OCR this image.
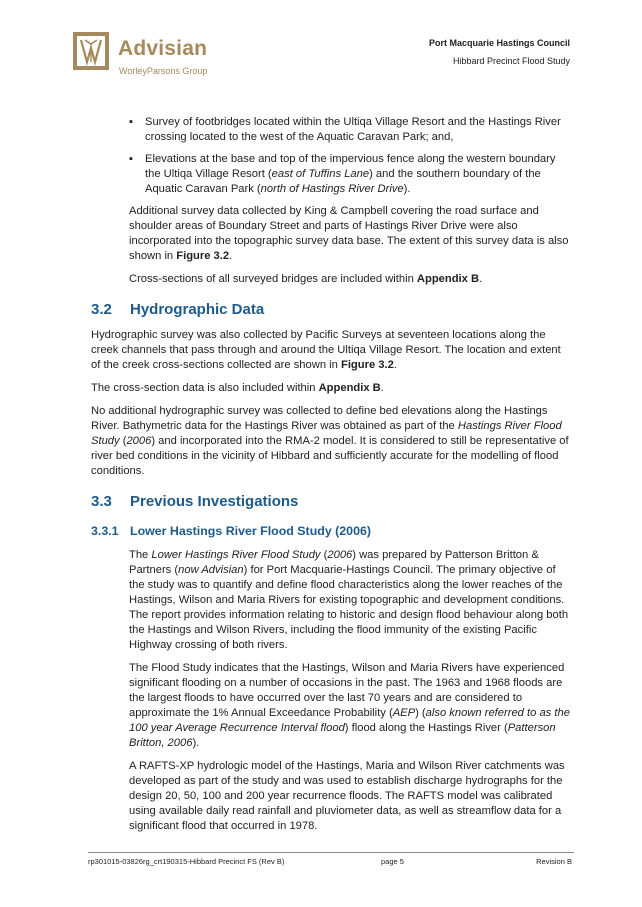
Advisian
WorleyParsons Group
Port Macquarie Hastings Council
Hibbard Precinct Flood Study
▪ Survey of footbridges located within the Ultiqa Village Resort and the Hastings River crossing located to the west of the Aquatic Caravan Park; and,
▪ Elevations at the base and top of the impervious fence along the western boundary the Ultiqa Village Resort (east of Tuffins Lane) and the southern boundary of the Aquatic Caravan Park (north of Hastings River Drive).

Additional survey data collected by King & Campbell covering the road surface and shoulder areas of Boundary Street and parts of Hastings River Drive were also incorporated into the topographic survey data base. The extent of this survey data is also shown in Figure 3.2.

Cross-sections of all surveyed bridges are included within Appendix B.

3.2 Hydrographic Data

Hydrographic survey was also collected by Pacific Surveys at seventeen locations along the creek channels that pass through and around the Ultiqa Village Resort. The location and extent of the creek cross-sections collected are shown in Figure 3.2.

The cross-section data is also included within Appendix B.

No additional hydrographic survey was collected to define bed elevations along the Hastings River. Bathymetric data for the Hastings River was obtained as part of the Hastings River Flood Study (2006) and incorporated into the RMA-2 model. It is considered to still be representative of river bed conditions in the vicinity of Hibbard and sufficiently accurate for the modelling of flood conditions.

3.3 Previous Investigations
3.3.1 Lower Hastings River Flood Study (2006)

The Lower Hastings River Flood Study (2006) was prepared by Patterson Britton & Partners (now Advisian) for Port Macquarie-Hastings Council. The primary objective of the study was to quantify and define flood characteristics along the lower reaches of the Hastings, Wilson and Maria Rivers for existing topographic and development conditions. The report provides information relating to historic and design flood behaviour along both the Hastings and Wilson Rivers, including the flood immunity of the existing Pacific Highway crossing of both rivers.

The Flood Study indicates that the Hastings, Wilson and Maria Rivers have experienced significant flooding on a number of occasions in the past. The 1963 and 1968 floods are the largest floods to have occurred over the last 70 years and are considered to approximate the 1% Annual Exceedance Probability (AEP) (also known referred to as the 100 year Average Recurrence Interval flood) flood along the Hastings River (Patterson Britton, 2006).

A RAFTS-XP hydrologic model of the Hastings, Maria and Wilson River catchments was developed as part of the study and was used to establish discharge hydrographs for the design 20, 50, 100 and 200 year recurrence floods. The RAFTS model was calibrated using available daily read rainfall and pluviometer data, as well as streamflow data for a significant flood that occurred in 1978.

rp301015-03826rg_crt190315-Hibbard Precinct FS (Rev B)	page 5	Revision B
